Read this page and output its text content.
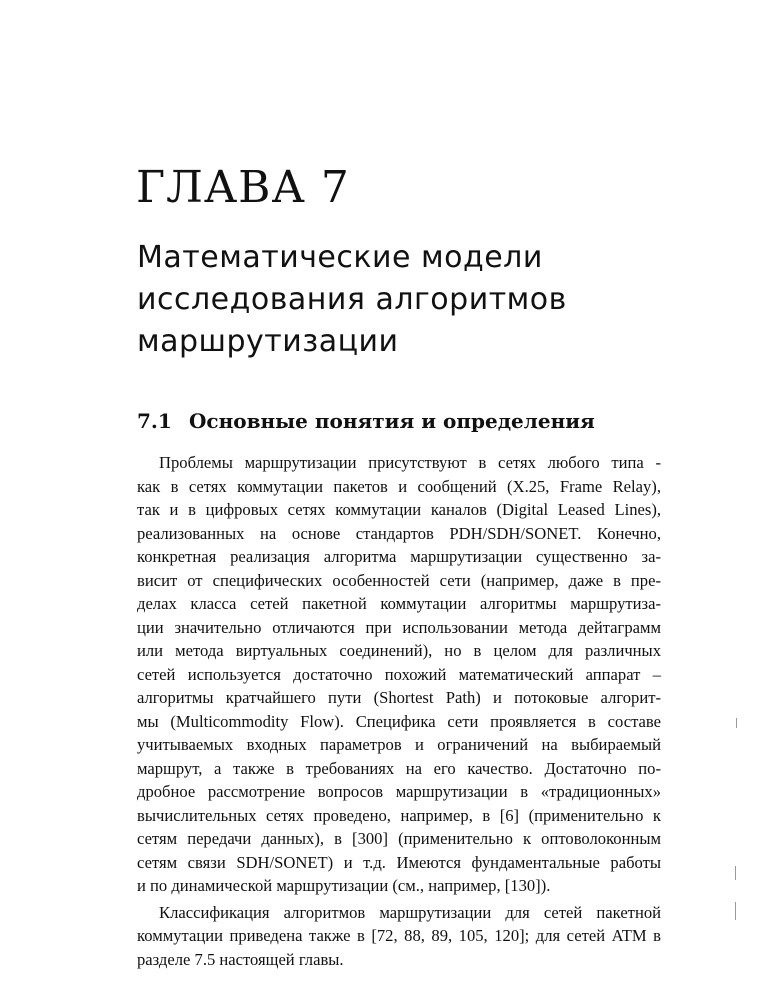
ГЛАВА 7
Математические модели
исследования алгоритмов
маршрутизации
7.1 Основные понятия и определения
Проблемы маршрутизации присутствуют в сетях любого типа -
как в сетях коммутации пакетов и сообщений (X.25, Frame Relay),
так и в цифровых сетях коммутации каналов (Digital Leased Lines),
реализованных на основе стандартов PDH/SDH/SONET. Конечно,
конкретная реализация алгоритма маршрутизации существенно за-
висит от специфических особенностей сети (например, даже в пре-
делах класса сетей пакетной коммутации алгоритмы маршрутиза-
ции значительно отличаются при использовании метода дейтаграмм
или метода виртуальных соединений), но в целом для различных
сетей используется достаточно похожий математический аппарат –
алгоритмы кратчайшего пути (Shortest Path) и потоковые алгорит-
мы (Multicommodity Flow). Специфика сети проявляется в составе
учитываемых входных параметров и ограничений на выбираемый
маршрут, а также в требованиях на его качество. Достаточно по-
дробное рассмотрение вопросов маршрутизации в «традиционных»
вычислительных сетях проведено, например, в [6] (применительно к
сетям передачи данных), в [300] (применительно к оптоволоконным
сетям связи SDH/SONET) и т.д. Имеются фундаментальные работы
и по динамической маршрутизации (см., например, [130]).
Классификация алгоритмов маршрутизации для сетей пакетной
коммутации приведена также в [72, 88, 89, 105, 120]; для сетей ATM в
разделе 7.5 настоящей главы.
